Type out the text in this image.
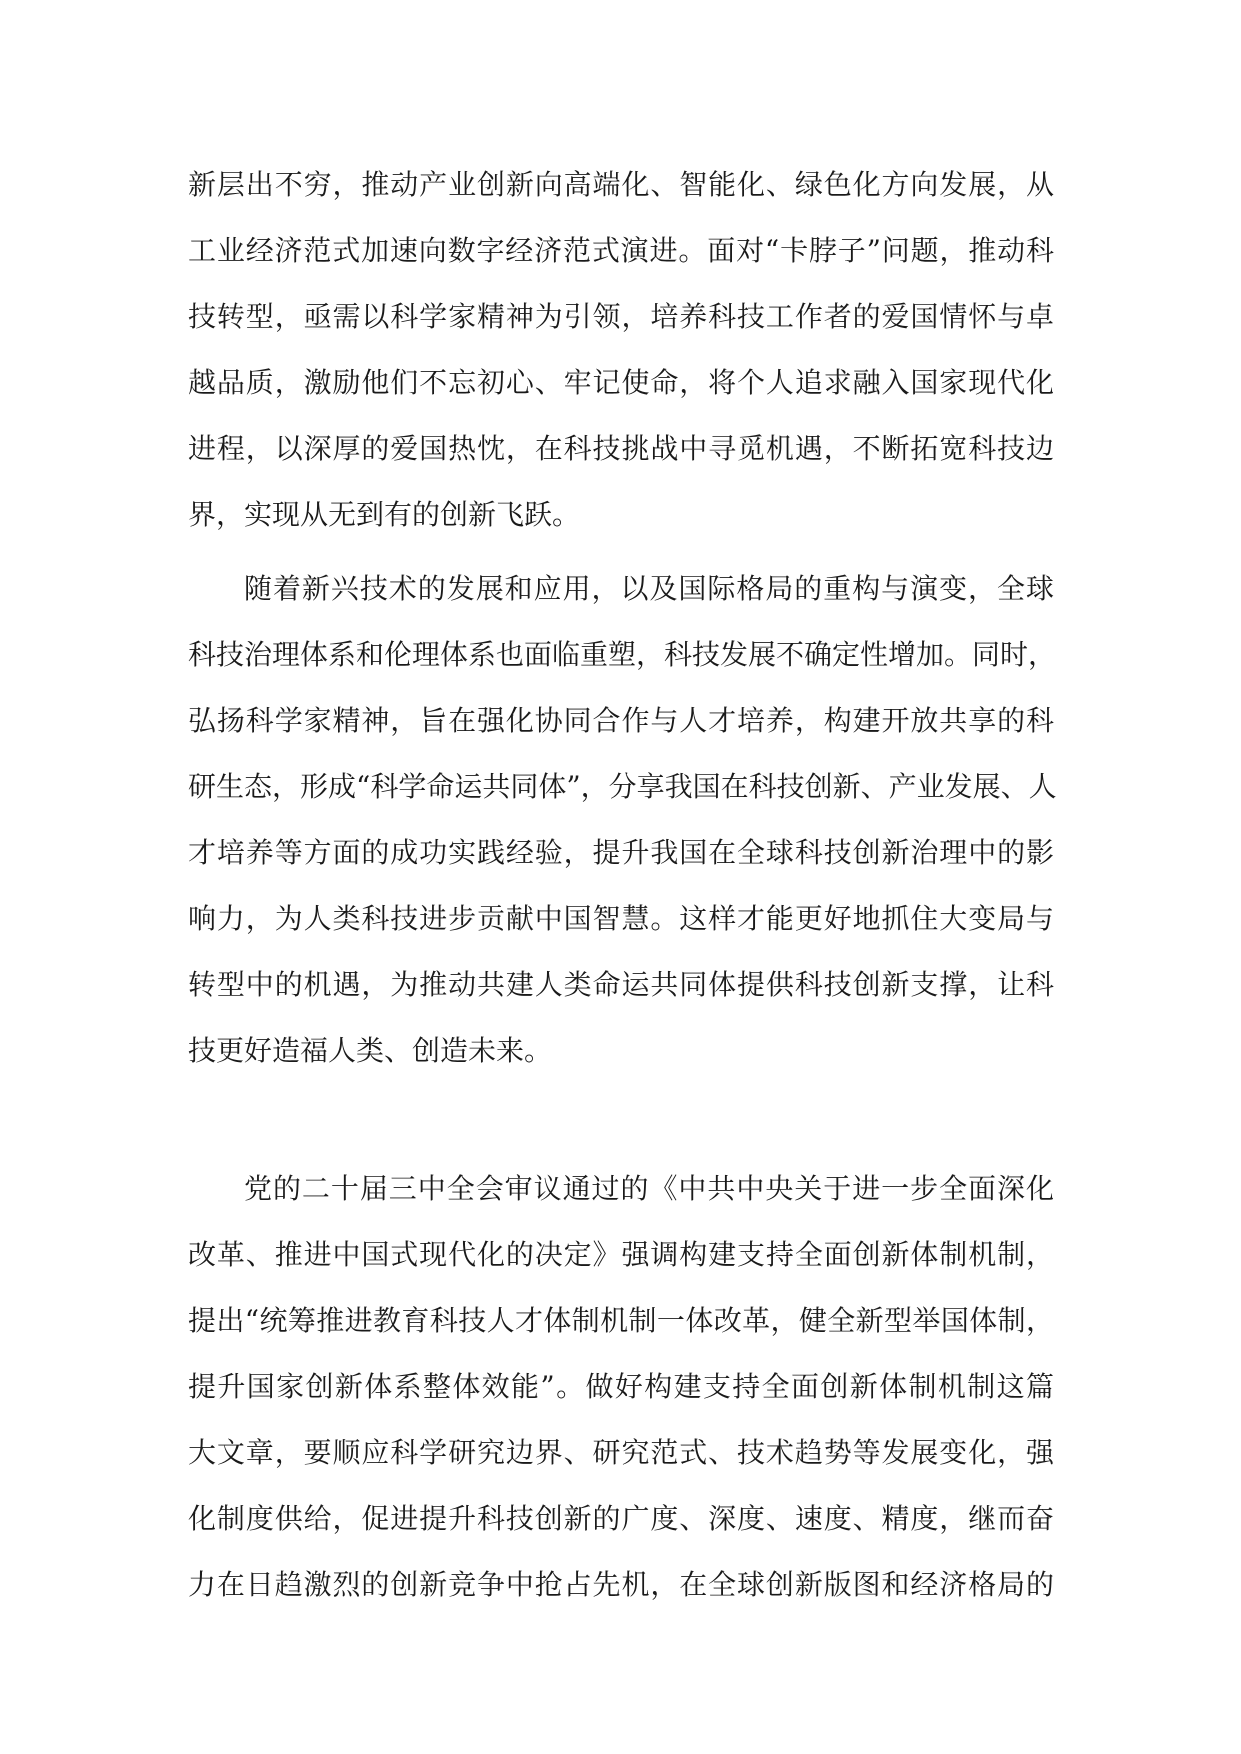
新层出不穷，推动产业创新向高端化、智能化、绿色化方向发展，从
工业经济范式加速向数字经济范式演进。面对“卡脖子”问题，推动科
技转型，亟需以科学家精神为引领，培养科技工作者的爱国情怀与卓
越品质，激励他们不忘初心、牢记使命，将个人追求融入国家现代化
进程，以深厚的爱国热忱，在科技挑战中寻觅机遇，不断拓宽科技边
界，实现从无到有的创新飞跃。
随着新兴技术的发展和应用，以及国际格局的重构与演变，全球
科技治理体系和伦理体系也面临重塑，科技发展不确定性增加。同时，
弘扬科学家精神，旨在强化协同合作与人才培养，构建开放共享的科
研生态，形成“科学命运共同体”，分享我国在科技创新、产业发展、人
才培养等方面的成功实践经验，提升我国在全球科技创新治理中的影
响力，为人类科技进步贡献中国智慧。这样才能更好地抓住大变局与
转型中的机遇，为推动共建人类命运共同体提供科技创新支撑，让科
技更好造福人类、创造未来。
党的二十届三中全会审议通过的《中共中央关于进一步全面深化
改革、推进中国式现代化的决定》强调构建支持全面创新体制机制，
提出“统筹推进教育科技人才体制机制一体改革，健全新型举国体制，
提升国家创新体系整体效能”。做好构建支持全面创新体制机制这篇
大文章，要顺应科学研究边界、研究范式、技术趋势等发展变化，强
化制度供给，促进提升科技创新的广度、深度、速度、精度，继而奋
力在日趋激烈的创新竞争中抢占先机，在全球创新版图和经济格局的
